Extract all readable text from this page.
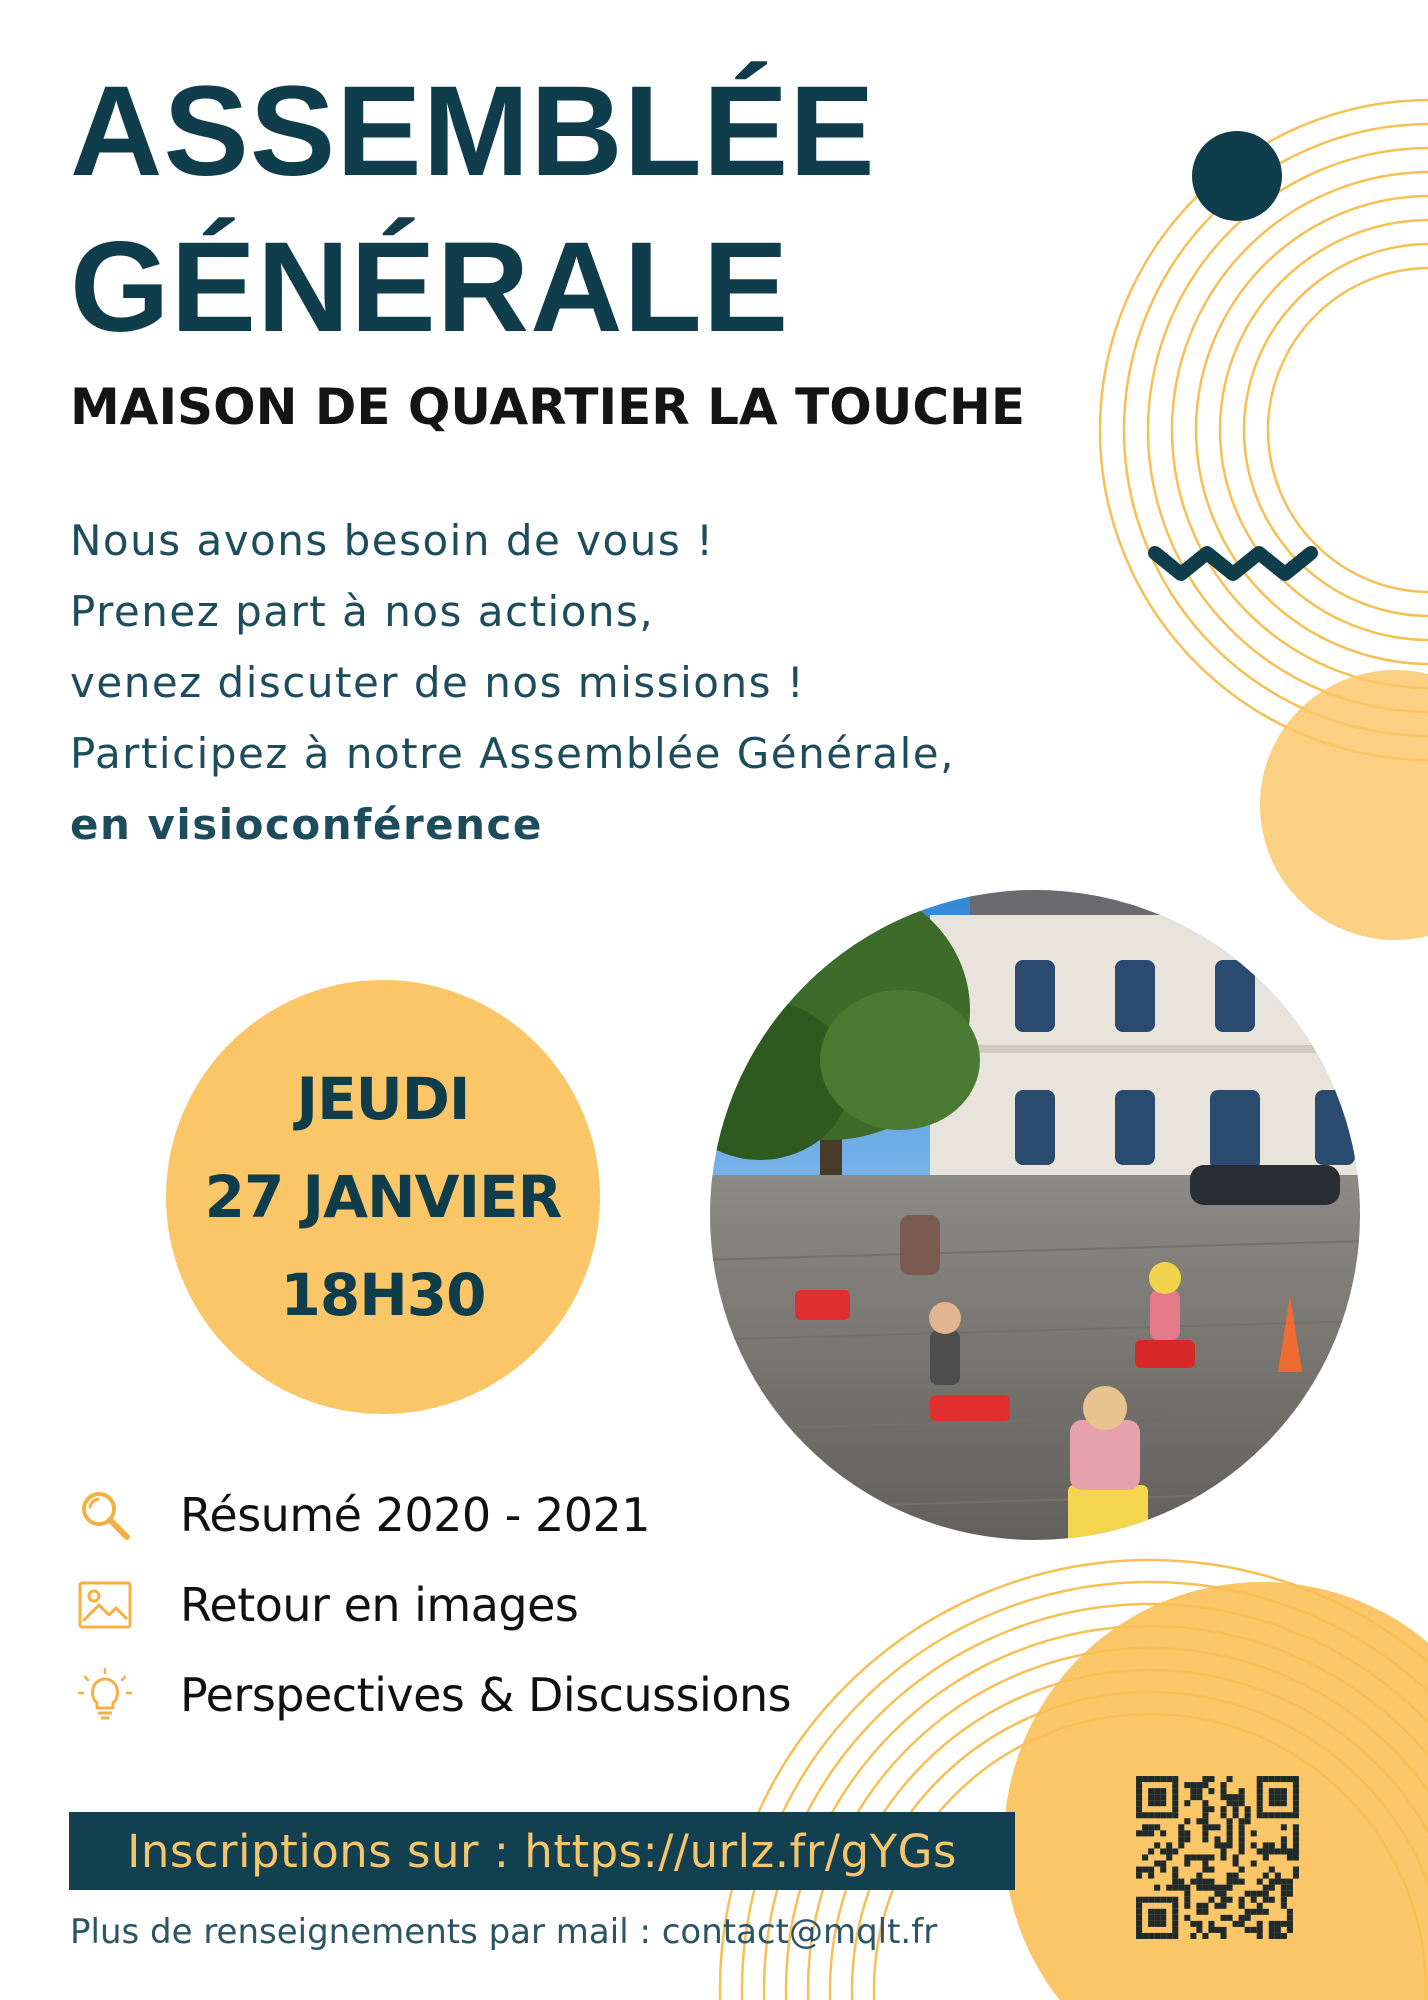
ASSEMBLÉE
GÉNÉRALE
MAISON DE QUARTIER LA TOUCHE
Nous avons besoin de vous !
Prenez part à nos actions,
venez discuter de nos missions !
Participez à notre Assemblée Générale,
en visioconférence
JEUDI
27 JANVIER
18H30
Résumé 2020 - 2021
Retour en images
Perspectives & Discussions
Inscriptions sur : https://urlz.fr/gYGs
Plus de renseignements par mail : contact@mqlt.fr
